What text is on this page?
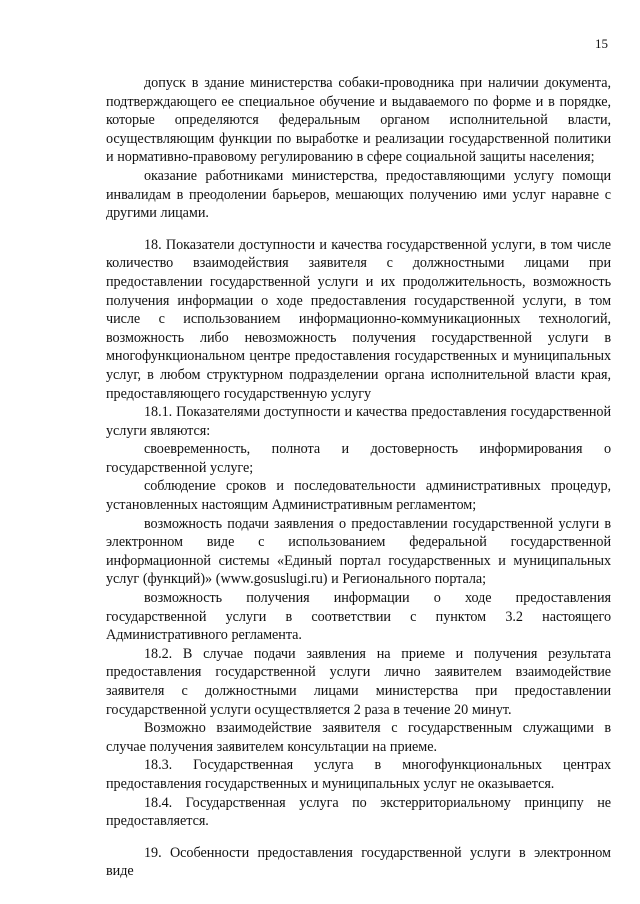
15

допуск в здание министерства собаки-проводника при наличии документа, подтверждающего ее специальное обучение и выдаваемого по форме и в порядке, которые определяются федеральным органом исполнительной власти, осуществляющим функции по выработке и реализации государственной политики и нормативно-правовому регулированию в сфере социальной защиты населения;

оказание работниками министерства, предоставляющими услугу помощи инвалидам в преодолении барьеров, мешающих получению ими услуг наравне с другими лицами.

18. Показатели доступности и качества государственной услуги, в том числе количество взаимодействия заявителя с должностными лицами при предоставлении государственной услуги и их продолжительность, возможность получения информации о ходе предоставления государственной услуги, в том числе с использованием информационно-коммуникационных технологий, возможность либо невозможность получения государственной услуги в многофункциональном центре предоставления государственных и муниципальных услуг, в любом структурном подразделении органа исполнительной власти края, предоставляющего государственную услугу

18.1. Показателями доступности и качества предоставления государственной услуги являются:

своевременность, полнота и достоверность информирования о государственной услуге;

соблюдение сроков и последовательности административных процедур, установленных настоящим Административным регламентом;

возможность подачи заявления о предоставлении государственной услуги в электронном виде с использованием федеральной государственной информационной системы «Единый портал государственных и муниципальных услуг (функций)» (www.gosuslugi.ru) и Регионального портала;

возможность получения информации о ходе предоставления государственной услуги в соответствии с пунктом 3.2 настоящего Административного регламента.

18.2. В случае подачи заявления на приеме и получения результата предоставления государственной услуги лично заявителем взаимодействие заявителя с должностными лицами министерства при предоставлении государственной услуги осуществляется 2 раза в течение 20 минут.

Возможно взаимодействие заявителя с государственным служащими в случае получения заявителем консультации на приеме.

18.3. Государственная услуга в многофункциональных центрах предоставления государственных и муниципальных услуг не оказывается.

18.4. Государственная услуга по экстерриториальному принципу не предоставляется.

19. Особенности предоставления государственной услуги в электронном виде
